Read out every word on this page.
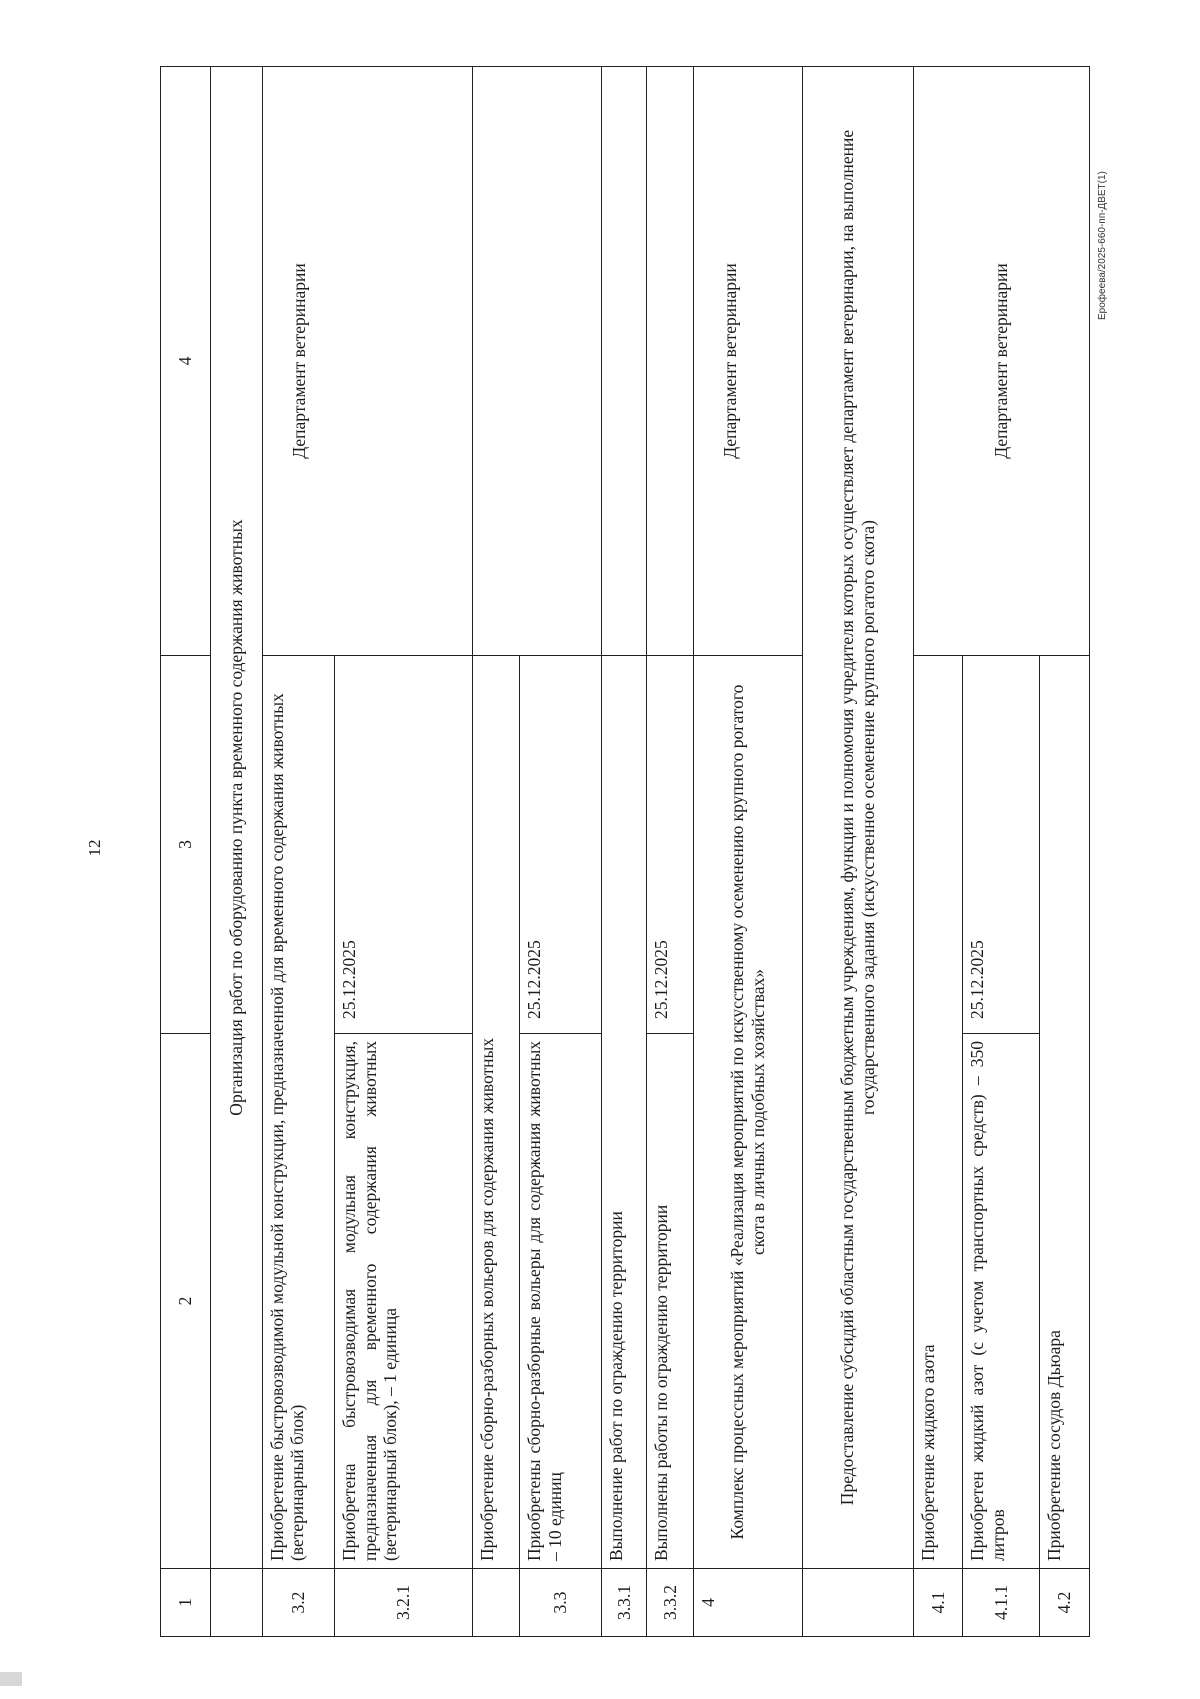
12
Ерофеева/2025-660-пп-ДВЕТ(1)
1	2	3	4
	Организация работ по оборудованию пункта временного содержания животных		
3.2	Приобретение быстровозводимой модульной конструкции, предназначенной для временного содержания животных (ветеринарный блок)		Департамент ветеринарии
3.2.1	Приобретена быстровозводимая модульная конструкция, предназначенная для временного содержания животных (ветеринарный блок), – 1 единица	25.12.2025	
	Приобретение сборно-разборных вольеров для содержания животных		
3.3	Приобретены сборно-разборные вольеры для содержания животных – 10 единиц	25.12.2025	
3.3.1	Выполнение работ по ограждению территории		
3.3.2	Выполнены работы по ограждению территории	25.12.2025	
4	Комплекс процессных мероприятий «Реализация мероприятий по искусственному осеменению крупного рогатого скота в личных подобных хозяйствах»		Департамент ветеринарии
	Предоставление субсидий областным государственным бюджетным учреждениям, функции и полномочия учредителя которых осуществляет департамент ветеринарии, на выполнение государственного задания (искусственное осеменение крупного рогатого скота)		
4.1	Приобретение жидкого азота		Департамент ветеринарии
4.1.1	Приобретен жидкий азот (с учетом транспортных средств) – 350 литров	25.12.2025	
4.2	Приобретение сосудов Дьюара		
